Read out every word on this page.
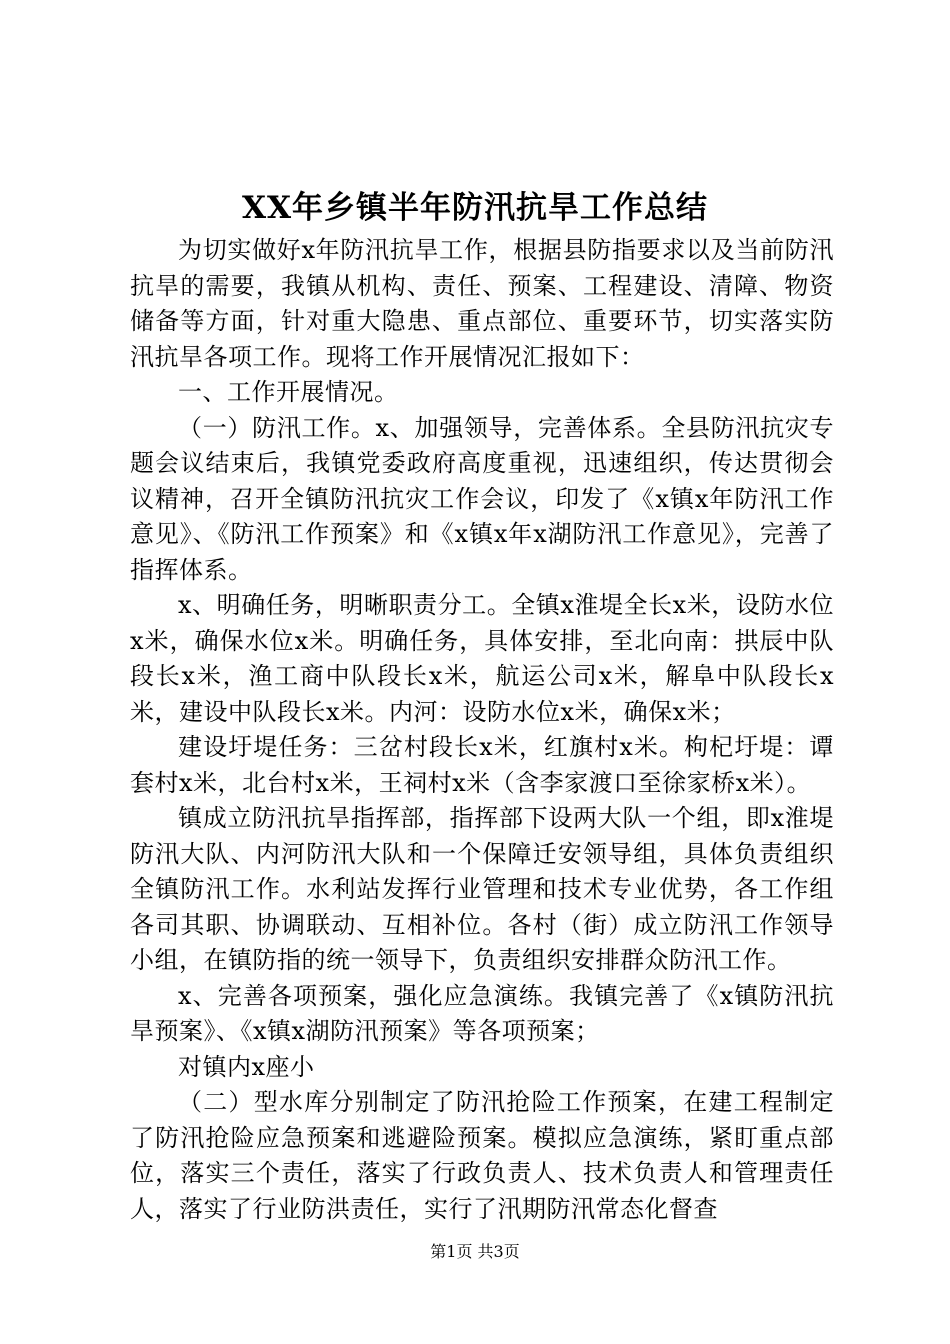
XX年乡镇半年防汛抗旱工作总结

为切实做好x年防汛抗旱工作，根据县防指要求以及当前防汛抗旱的需要，我镇从机构、责任、预案、工程建设、清障、物资储备等方面，针对重大隐患、重点部位、重要环节，切实落实防汛抗旱各项工作。现将工作开展情况汇报如下：

一、工作开展情况。

（一）防汛工作。x、加强领导，完善体系。全县防汛抗灾专题会议结束后，我镇党委政府高度重视，迅速组织，传达贯彻会议精神，召开全镇防汛抗灾工作会议，印发了《x镇x年防汛工作意见》、《防汛工作预案》和《x镇x年x湖防汛工作意见》，完善了指挥体系。

x、明确任务，明晰职责分工。全镇x淮堤全长x米，设防水位x米，确保水位x米。明确任务，具体安排，至北向南：拱辰中队段长x米，渔工商中队段长x米，航运公司x米，解阜中队段长x米，建设中队段长x米。内河：设防水位x米，确保x米；

建设圩堤任务：三岔村段长x米，红旗村x米。枸杞圩堤：谭套村x米，北台村x米，王祠村x米（含李家渡口至徐家桥x米）。

镇成立防汛抗旱指挥部，指挥部下设两大队一个组，即x淮堤防汛大队、内河防汛大队和一个保障迁安领导组，具体负责组织全镇防汛工作。水利站发挥行业管理和技术专业优势，各工作组各司其职、协调联动、互相补位。各村（街）成立防汛工作领导小组，在镇防指的统一领导下，负责组织安排群众防汛工作。

x、完善各项预案，强化应急演练。我镇完善了《x镇防汛抗旱预案》、《x镇x湖防汛预案》等各项预案；

对镇内x座小

（二）型水库分别制定了防汛抢险工作预案，在建工程制定了防汛抢险应急预案和逃避险预案。模拟应急演练，紧盯重点部位，落实三个责任，落实了行政负责人、技术负责人和管理责任人，落实了行业防洪责任，实行了汛期防汛常态化督查

第1页 共3页
